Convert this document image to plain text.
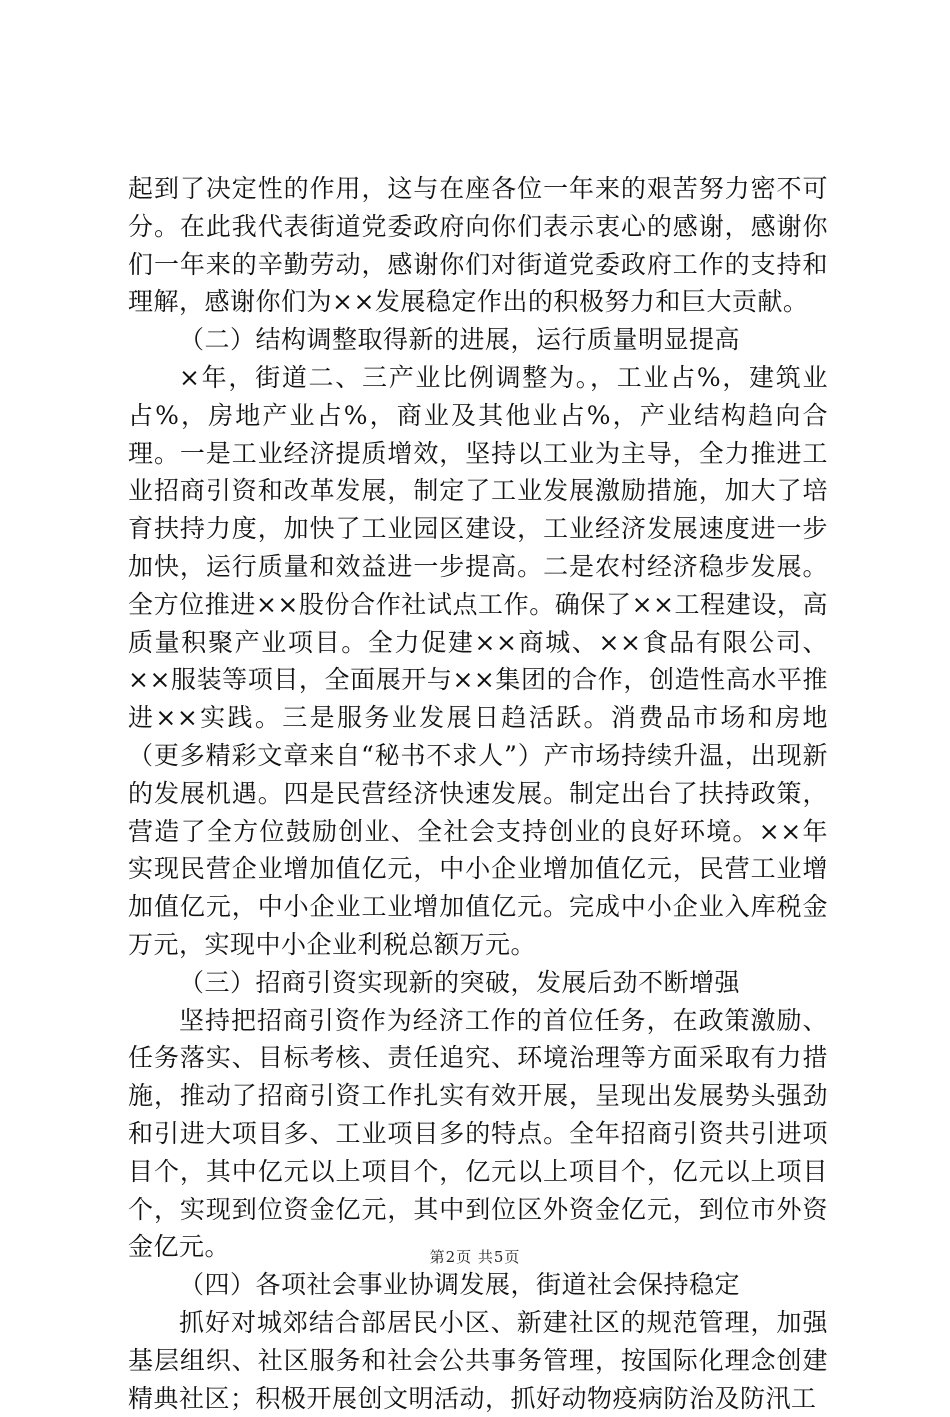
起到了决定性的作用，这与在座各位一年来的艰苦努力密不可分。在此我代表街道党委政府向你们表示衷心的感谢，感谢你们一年来的辛勤劳动，感谢你们对街道党委政府工作的支持和理解，感谢你们为××发展稳定作出的积极努力和巨大贡献。

（二）结构调整取得新的进展，运行质量明显提高

×年，街道二、三产业比例调整为。，工业占%，建筑业占%，房地产业占%，商业及其他业占%，产业结构趋向合理。一是工业经济提质增效，坚持以工业为主导，全力推进工业招商引资和改革发展，制定了工业发展激励措施，加大了培育扶持力度，加快了工业园区建设，工业经济发展速度进一步加快，运行质量和效益进一步提高。二是农村经济稳步发展。全方位推进××股份合作社试点工作。确保了××工程建设，高质量积聚产业项目。全力促建××商城、××食品有限公司、××服装等项目，全面展开与××集团的合作，创造性高水平推进××实践。三是服务业发展日趋活跃。消费品市场和房地（更多精彩文章来自“秘书不求人”）产市场持续升温，出现新的发展机遇。四是民营经济快速发展。制定出台了扶持政策，营造了全方位鼓励创业、全社会支持创业的良好环境。××年实现民营企业增加值亿元，中小企业增加值亿元，民营工业增加值亿元，中小企业工业增加值亿元。完成中小企业入库税金万元，实现中小企业利税总额万元。

（三）招商引资实现新的突破，发展后劲不断增强

坚持把招商引资作为经济工作的首位任务，在政策激励、任务落实、目标考核、责任追究、环境治理等方面采取有力措施，推动了招商引资工作扎实有效开展，呈现出发展势头强劲和引进大项目多、工业项目多的特点。全年招商引资共引进项目个，其中亿元以上项目个，亿元以上项目个，亿元以上项目个，实现到位资金亿元，其中到位区外资金亿元，到位市外资金亿元。

（四）各项社会事业协调发展，街道社会保持稳定

抓好对城郊结合部居民小区、新建社区的规范管理，加强基层组织、社区服务和社会公共事务管理，按国际化理念创建精典社区；积极开展创文明活动，抓好动物疫病防治及防汛工

第2页 共5页
